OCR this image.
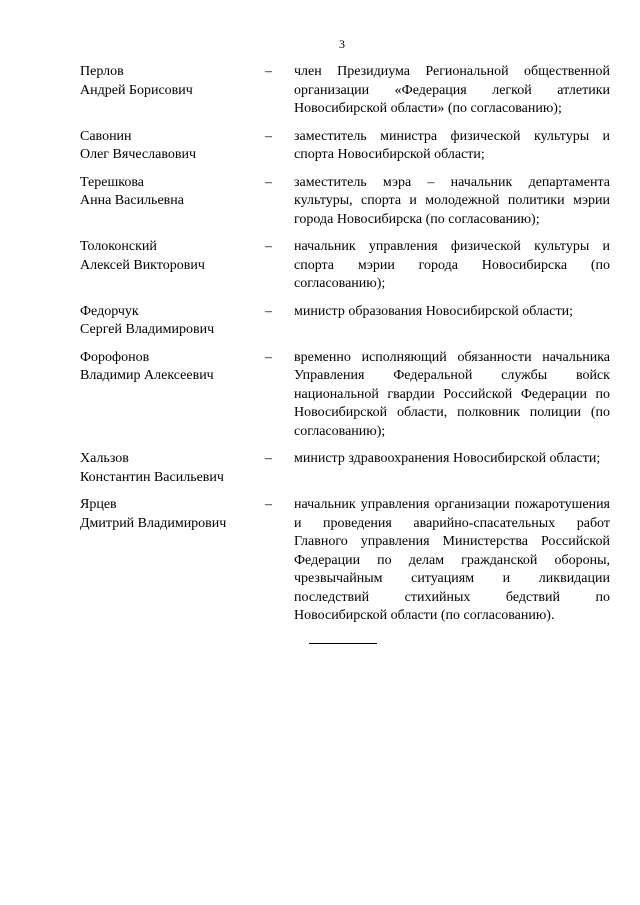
3
Перлов
Андрей Борисович
–	член Президиума Региональной общественной организации «Федерация легкой атлетики Новосибирской области» (по согласованию);
Савонин
Олег Вячеславович
–	заместитель министра физической культуры и спорта Новосибирской области;
Терешкова
Анна Васильевна
–	заместитель мэра – начальник департамента культуры, спорта и молодежной политики мэрии города Новосибирска (по согласованию);
Толоконский
Алексей Викторович
–	начальник управления физической культуры и спорта мэрии города Новосибирска (по согласованию);
Федорчук
Сергей Владимирович
–	министр образования Новосибирской области;
Форофонов
Владимир Алексеевич
–	временно исполняющий обязанности начальника Управления Федеральной службы войск национальной гвардии Российской Федерации по Новосибирской области, полковник полиции (по согласованию);
Хальзов
Константин Васильевич
–	министр здравоохранения Новосибирской области;
Ярцев
Дмитрий Владимирович
–	начальник управления организации пожаротушения и проведения аварийно-спасательных работ Главного управления Министерства Российской Федерации по делам гражданской обороны, чрезвычайным ситуациям и ликвидации последствий стихийных бедствий по Новосибирской области (по согласованию).
